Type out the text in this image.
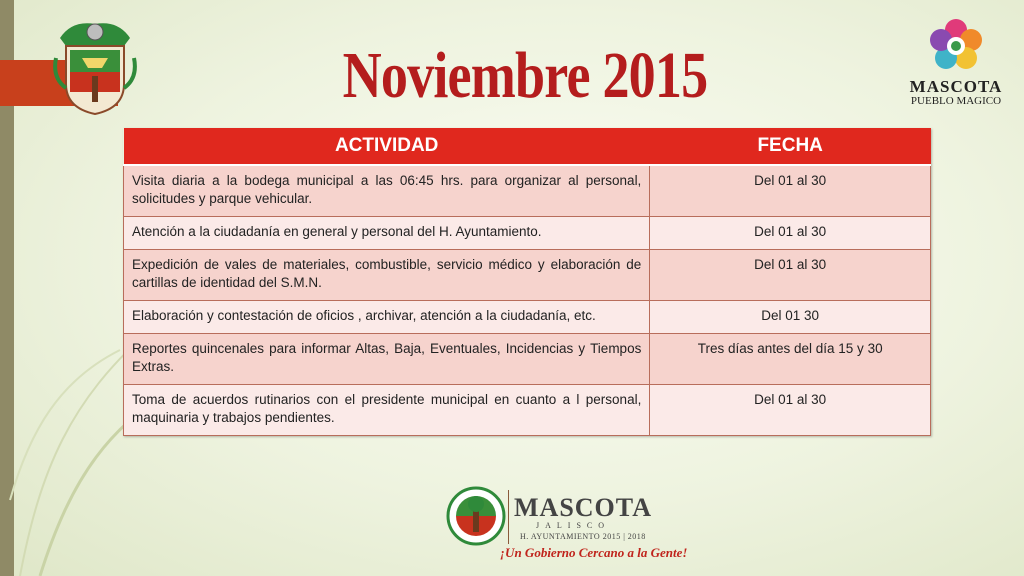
Noviembre 2015	MASCOTA
PUEBLO MAGICO
ACTIVIDAD	FECHA
Visita diaria a la bodega municipal a las 06:45 hrs. para organizar al personal, solicitudes y parque vehicular.	Del 01 al 30
Atención a la ciudadanía en general y personal del H. Ayuntamiento.	Del 01 al 30
Expedición de vales de materiales, combustible, servicio médico y elaboración de cartillas de identidad del S.M.N.	Del 01 al 30
Elaboración y contestación de oficios , archivar, atención a la ciudadanía, etc.	Del 01 30
Reportes quincenales para informar Altas, Baja, Eventuales, Incidencias y Tiempos Extras.	Tres días antes del día 15 y 30
Toma de acuerdos rutinarios con el presidente municipal en cuanto a l personal, maquinaria y trabajos pendientes.	Del 01 al 30
MASCOTA
JALISCO
H. AYUNTAMIENTO 2015 | 2018
¡Un Gobierno Cercano a la Gente!
